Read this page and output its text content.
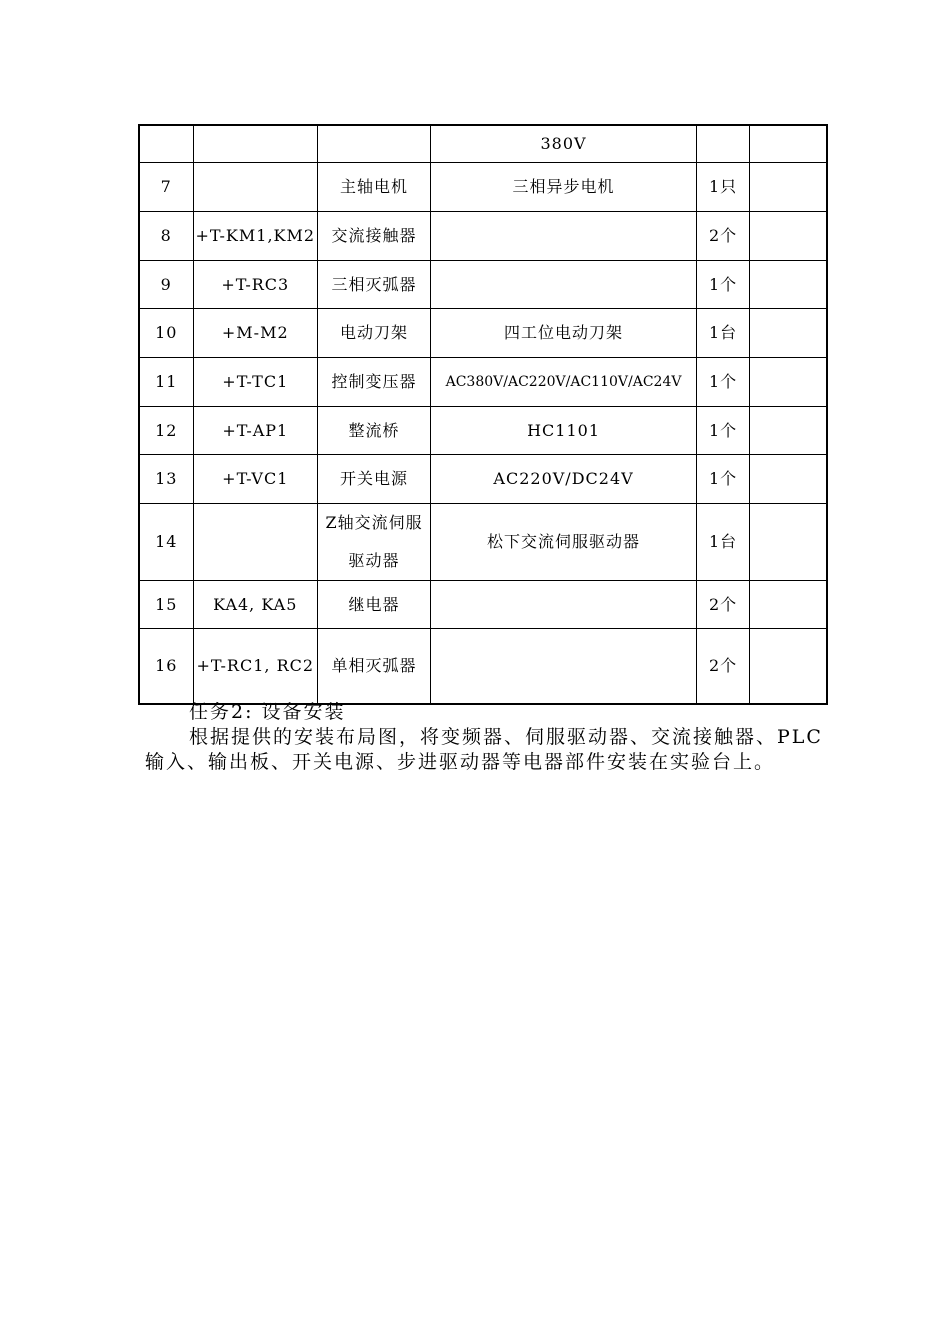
			380V		
7		主轴电机	三相异步电机	1只	
8	+T-KM1,KM2	交流接触器		2个	
9	+T-RC3	三相灭弧器		1个	
10	+M-M2	电动刀架	四工位电动刀架	1台	
11	+T-TC1	控制变压器	AC380V/AC220V/AC110V/AC24V	1个	
12	+T-AP1	整流桥	HC1101	1个	
13	+T-VC1	开关电源	AC220V/DC24V	1个	
14		Z轴交流伺服驱动器	松下交流伺服驱动器	1台	
15	KA4, KA5	继电器		2个	
16	+T-RC1, RC2	单相灭弧器		2个	

任务2: 设备安装

根据提供的安装布局图，将变频器、伺服驱动器、交流接触器、PLC输入、输出板、开关电源、步进驱动器等电器部件安装在实验台上。
